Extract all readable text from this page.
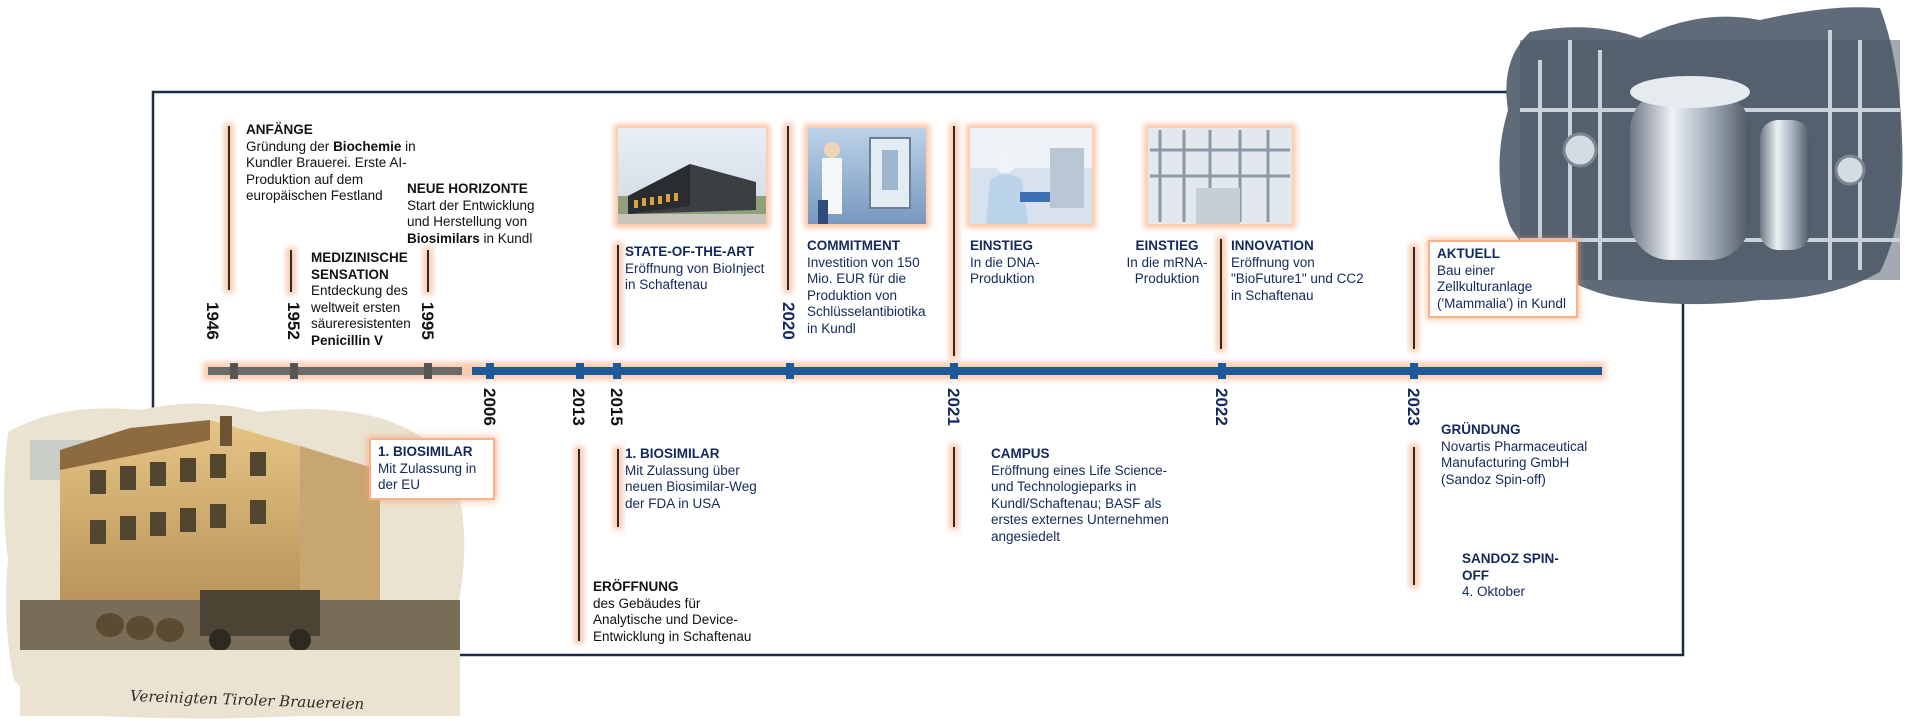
Vereinigten Tiroler Brauereien
1946	1952	1995
2006	2013 2015
2020
2021	2022	2023
ANFÄNGE
Gründung der Biochemie in Kundler Brauerei. Erste AI-Produktion auf dem europäischen Festland
MEDIZINISCHE SENSATION
Entdeckung des weltweit ersten säureresistenten Penicillin V
NEUE HORIZONTE
Start der Entwicklung und Herstellung von Biosimilars in Kundl
1. BIOSIMILAR
Mit Zulassung in der EU
ERÖFFNUNG
des Gebäudes für Analytische und Device-Entwicklung in Schaftenau
STATE-OF-THE-ART
Eröffnung von BioInject in Schaftenau
1. BIOSIMILAR
Mit Zulassung über neuen Biosimilar-Weg der FDA in USA
COMMITMENT
Investition von 150 Mio. EUR für die Produktion von Schlüsselantibiotika in Kundl
EINSTIEG
In die DNA-Produktion
CAMPUS
Eröffnung eines Life Science- und Technologieparks in Kundl/Schaftenau; BASF als erstes externes Unternehmen angesiedelt
EINSTIEG
In die mRNA-Produktion
INNOVATION
Eröffnung von "BioFuture1" und CC2 in Schaftenau
AKTUELL
Bau einer Zellkulturanlage ('Mammalia') in Kundl
GRÜNDUNG
Novartis Pharmaceutical Manufacturing GmbH (Sandoz Spin-off)
SANDOZ SPIN-OFF
4. Oktober
